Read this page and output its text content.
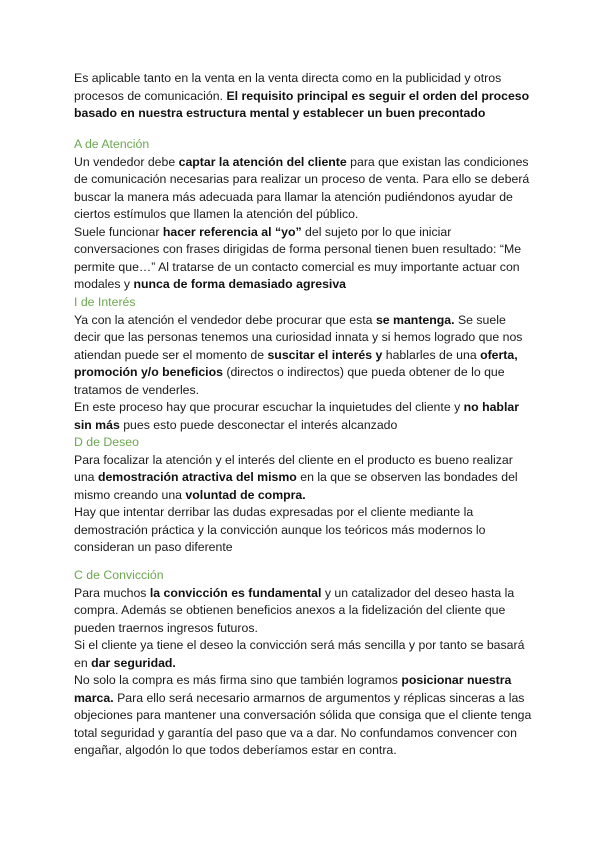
Es aplicable tanto en la venta en la venta directa como en la publicidad y otros procesos de comunicación. El requisito principal es seguir el orden del proceso basado en nuestra estructura mental y establecer un buen precontado

A de Atención

Un vendedor debe captar la atención del cliente para que existan las condiciones de comunicación necesarias para realizar un proceso de venta. Para ello se deberá buscar la manera más adecuada para llamar la atención pudiéndonos ayudar de ciertos estímulos que llamen la atención del público.

Suele funcionar hacer referencia al “yo” del sujeto por lo que iniciar conversaciones con frases dirigidas de forma personal tienen buen resultado: “Me permite que…” Al tratarse de un contacto comercial es muy importante actuar con modales y nunca de forma demasiado agresiva

I de Interés

Ya con la atención el vendedor debe procurar que esta se mantenga. Se suele decir que las personas tenemos una curiosidad innata y si hemos logrado que nos atiendan puede ser el momento de suscitar el interés y hablarles de una oferta, promoción y/o beneficios (directos o indirectos) que pueda obtener de lo que tratamos de venderles.

En este proceso hay que procurar escuchar la inquietudes del cliente y no hablar sin más pues esto puede desconectar el interés alcanzado

D de Deseo

Para focalizar la atención y el interés del cliente en el producto es bueno realizar una demostración atractiva del mismo en la que se observen las bondades del mismo creando una voluntad de compra.

Hay que intentar derribar las dudas expresadas por el cliente mediante la demostración práctica y la convicción aunque los teóricos más modernos lo consideran un paso diferente

C de Convicción

Para muchos la convicción es fundamental y un catalizador del deseo hasta la compra. Además se obtienen beneficios anexos a la fidelización del cliente que pueden traernos ingresos futuros.

Si el cliente ya tiene el deseo la convicción será más sencilla y por tanto se basará en dar seguridad.

No solo la compra es más firma sino que también logramos posicionar nuestra marca. Para ello será necesario armarnos de argumentos y réplicas sinceras a las objeciones para mantener una conversación sólida que consiga que el cliente tenga total seguridad y garantía del paso que va a dar. No confundamos convencer con engañar, algodón lo que todos deberíamos estar en contra.
